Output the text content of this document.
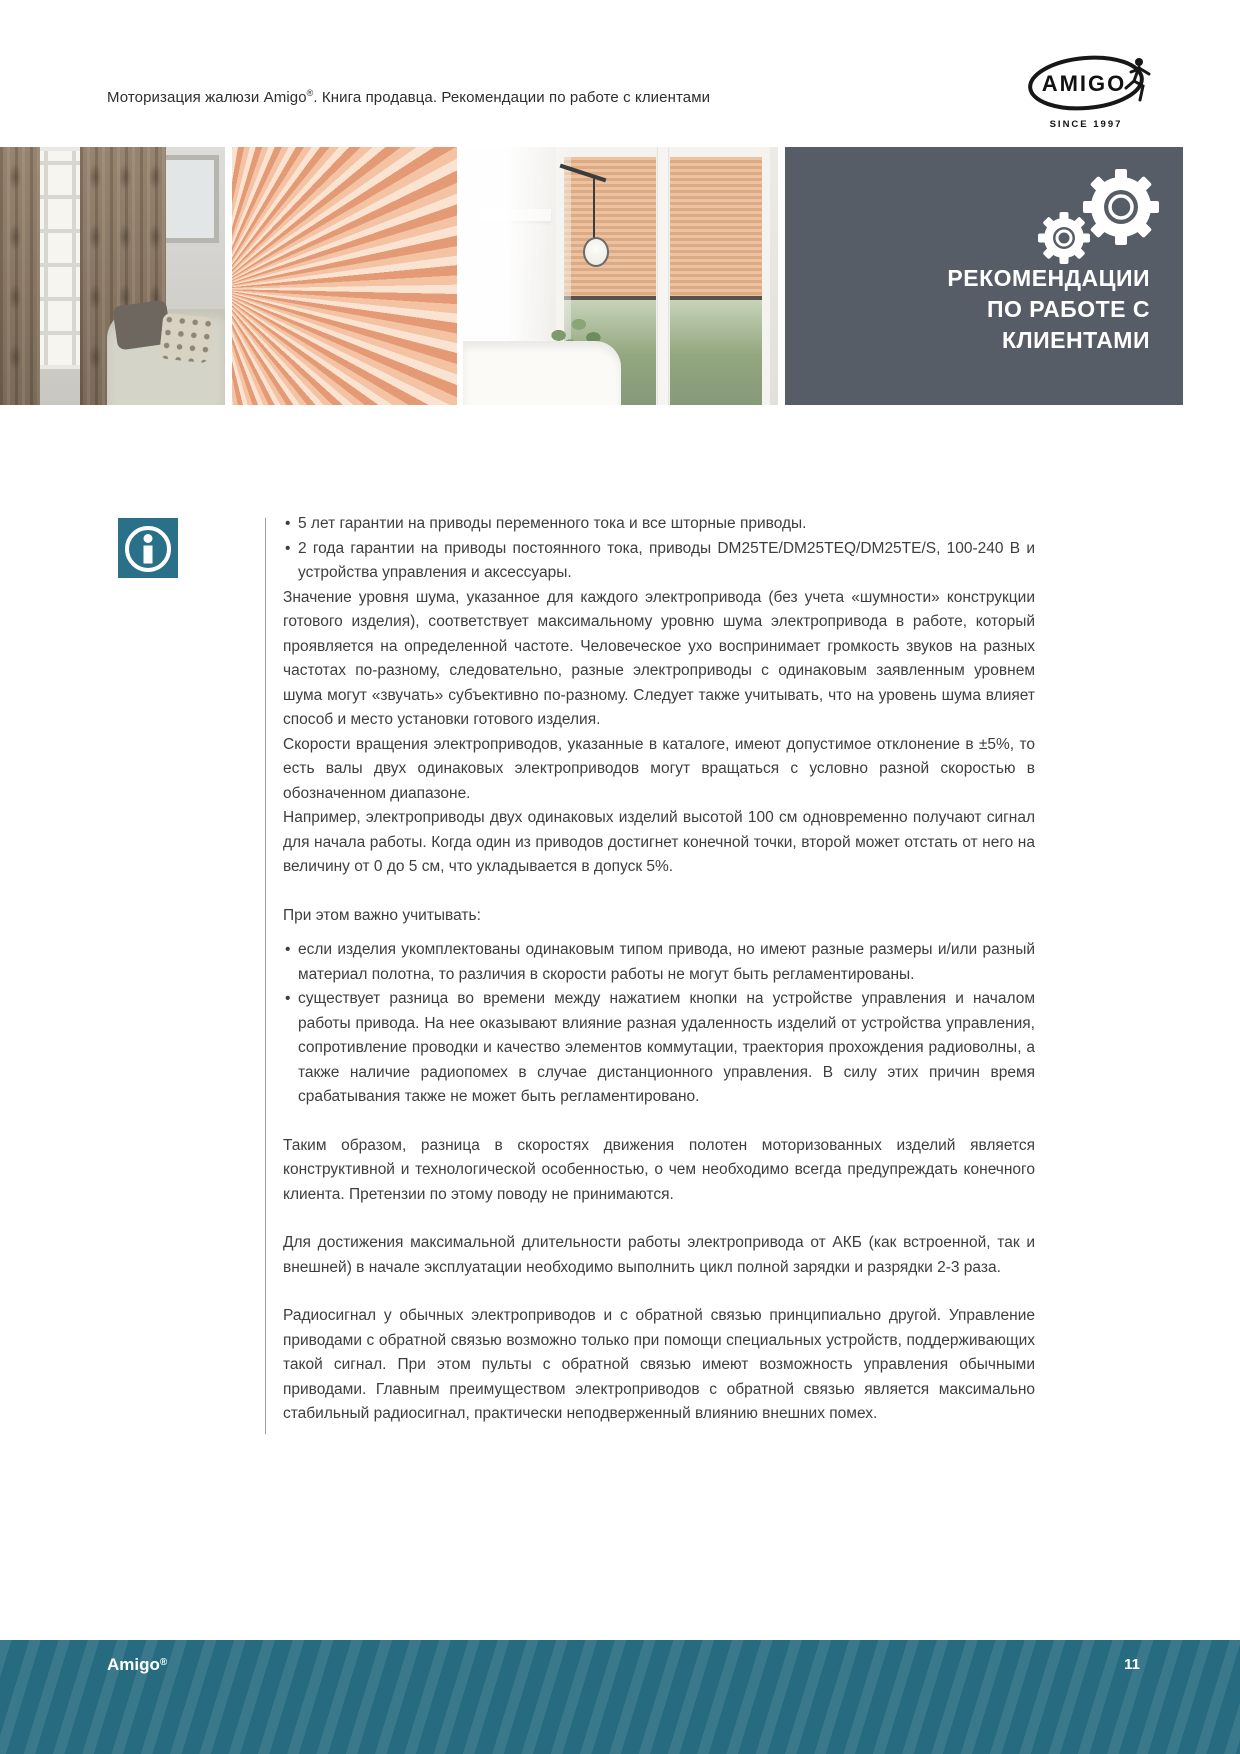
Моторизация жалюзи Amigo®. Книга продавца. Рекомендации по работе с клиентами
AMIGO
SINCE 1997
РЕКОМЕНДАЦИИ
ПО РАБОТЕ С
КЛИЕНТАМИ
• 5 лет гарантии на приводы переменного тока и все шторные приводы.
• 2 года гарантии на приводы постоянного тока, приводы DM25TE/DM25TEQ/DM25TE/S, 100-240 В и устройства управления и аксессуары.

Значение уровня шума, указанное для каждого электропривода (без учета «шумности» конструкции готового изделия), соответствует максимальному уровню шума электропривода в работе, который проявляется на определенной частоте. Человеческое ухо воспринимает громкость звуков на разных частотах по-разному, следовательно, разные электроприводы с одинаковым заявленным уровнем шума могут «звучать» субъективно по-разному. Следует также учитывать, что на уровень шума влияет способ и место установки готового изделия.

Скорости вращения электроприводов, указанные в каталоге, имеют допустимое отклонение в ±5%, то есть валы двух одинаковых электроприводов могут вращаться с условно разной скоростью в обозначенном диапазоне.

Например, электроприводы двух одинаковых изделий высотой 100 см одновременно получают сигнал для начала работы. Когда один из приводов достигнет конечной точки, второй может отстать от него на величину от 0 до 5 см, что укладывается в допуск 5%.

При этом важно учитывать:

• если изделия укомплектованы одинаковым типом привода, но имеют разные размеры и/или разный материал полотна, то различия в скорости работы не могут быть регламентированы.
• существует разница во времени между нажатием кнопки на устройстве управления и началом работы привода. На нее оказывают влияние разная удаленность изделий от устройства управления, сопротивление проводки и качество элементов коммутации, траектория прохождения радиоволны, а также наличие радиопомех в случае дистанционного управления. В силу этих причин время срабатывания также не может быть регламентировано.

Таким образом, разница в скоростях движения полотен моторизованных изделий является конструктивной и технологической особенностью, о чем необходимо всегда предупреждать конечного клиента. Претензии по этому поводу не принимаются.

Для достижения максимальной длительности работы электропривода от АКБ (как встроенной, так и внешней) в начале эксплуатации необходимо выполнить цикл полной зарядки и разрядки 2-3 раза.

Радиосигнал у обычных электроприводов и с обратной связью принципиально другой. Управление приводами с обратной связью возможно только при помощи специальных устройств, поддерживающих такой сигнал. При этом пульты с обратной связью имеют возможность управления обычными приводами. Главным преимуществом электроприводов с обратной связью является максимально стабильный радиосигнал, практически неподверженный влиянию внешних помех.

Amigo®	11
